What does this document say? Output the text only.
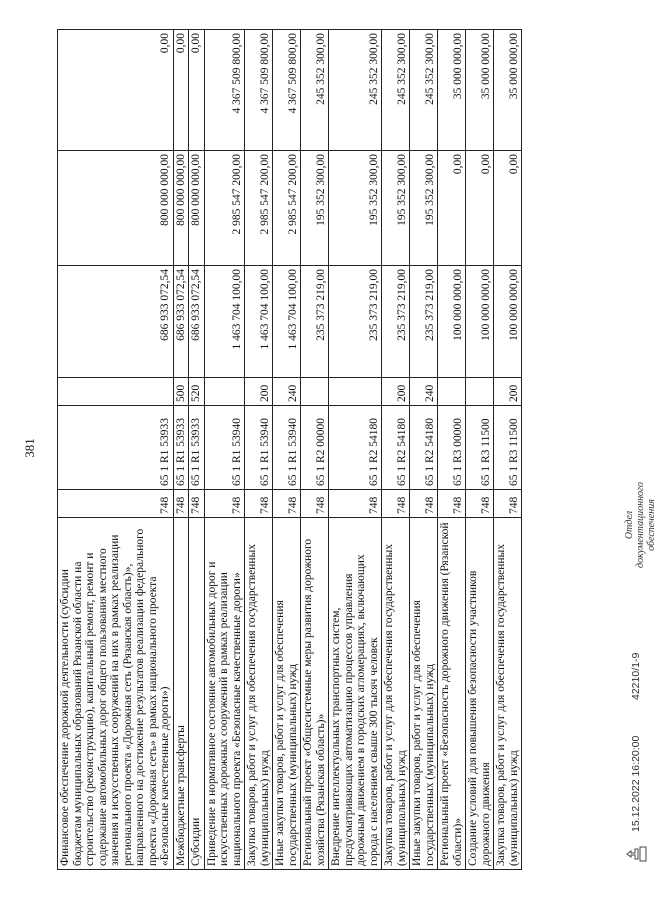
381
Финансовое обеспечение дорожной деятельности (субсидии бюджетам муниципальных образований Рязанской области на строительство (реконструкцию), капитальный ремонт, ремонт и содержание автомобильных дорог общего пользования местного значения и искусственных сооружений на них в рамках реализации регионального проекта «Дорожная сеть (Рязанская область)», направленного на достижение результатов реализации федерального проекта «Дорожная сеть» в рамках национального проекта «Безопасные качественные дороги»)	748	65 1 R1 53933		686 933 072,54	800 000 000,00	0,00
Межбюджетные трансферты	748	65 1 R1 53933	500	686 933 072,54	800 000 000,00	0,00
Субсидии	748	65 1 R1 53933	520	686 933 072,54	800 000 000,00	0,00
Приведение в нормативное состояние автомобильных дорог и искусственных дорожных сооружений в рамках реализации национального проекта «Безопасные качественные дороги»	748	65 1 R1 53940		1 463 704 100,00	2 985 547 200,00	4 367 509 800,00
Закупка товаров, работ и услуг для обеспечения государственных (муниципальных) нужд	748	65 1 R1 53940	200	1 463 704 100,00	2 985 547 200,00	4 367 509 800,00
Иные закупки товаров, работ и услуг для обеспечения государственных (муниципальных) нужд	748	65 1 R1 53940	240	1 463 704 100,00	2 985 547 200,00	4 367 509 800,00
Региональный проект «Общесистемные меры развития дорожного хозяйства (Рязанская область)»	748	65 1 R2 00000		235 373 219,00	195 352 300,00	245 352 300,00
Внедрение интеллектуальных транспортных систем, предусматривающих автоматизацию процессов управления дорожным движением в городских агломерациях, включающих города с населением свыше 300 тысяч человек	748	65 1 R2 54180		235 373 219,00	195 352 300,00	245 352 300,00
Закупка товаров, работ и услуг для обеспечения государственных (муниципальных) нужд	748	65 1 R2 54180	200	235 373 219,00	195 352 300,00	245 352 300,00
Иные закупки товаров, работ и услуг для обеспечения государственных (муниципальных) нужд	748	65 1 R2 54180	240	235 373 219,00	195 352 300,00	245 352 300,00
Региональный проект «Безопасность дорожного движения (Рязанской области)»	748	65 1 R3 00000		100 000 000,00	0,00	35 000 000,00
Создание условий для повышения безопасности участников дорожного движения	748	65 1 R3 11500		100 000 000,00	0,00	35 000 000,00
Закупка товаров, работ и услуг для обеспечения государственных (муниципальных) нужд	748	65 1 R3 11500	200	100 000 000,00	0,00	35 000 000,00
15.12.2022 16:20:00
42210/1-9
Отдел документационного обеспечения
